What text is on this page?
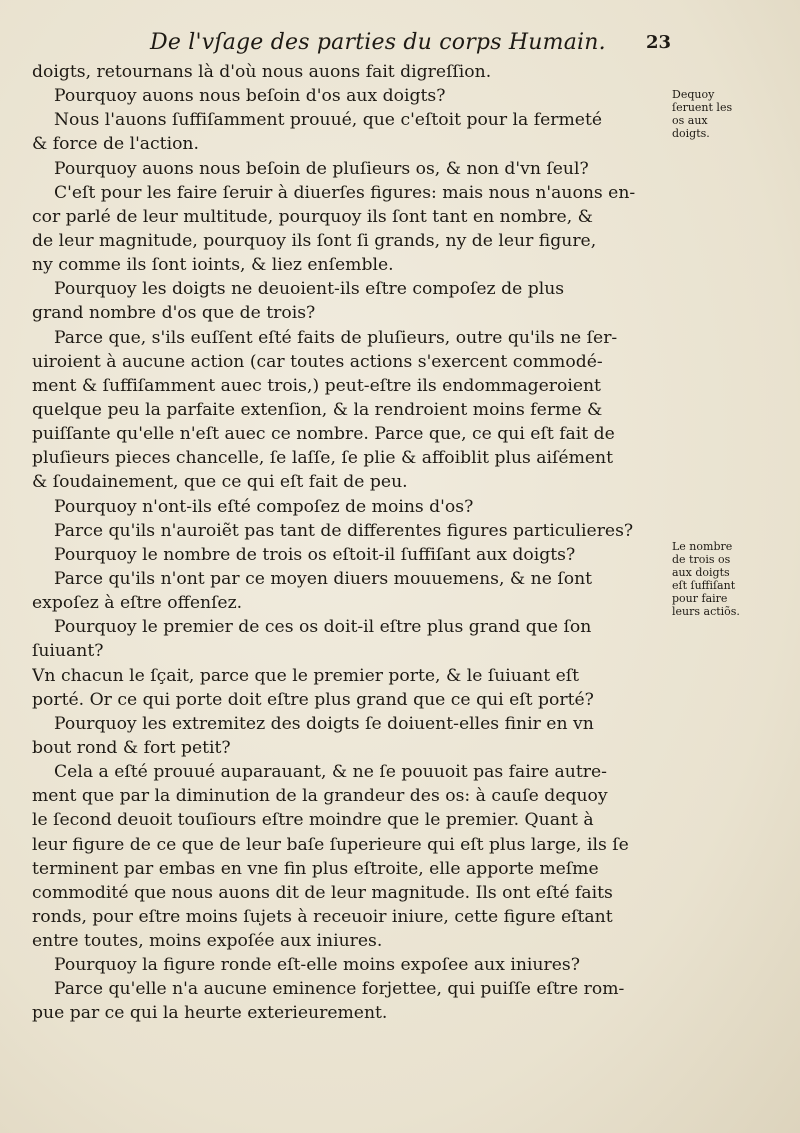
De l'vſage des parties du corps Humain.	23
doigts, retournans là d'où nous auons fait digreſſion.
Pourquoy auons nous beſoin d'os aux doigts?
Nous l'auons ſuffiſamment prouué, que c'eſtoit pour la fermeté
& force de l'action.
Pourquoy auons nous beſoin de pluſieurs os, & non d'vn ſeul?
C'eſt pour les faire ſeruir à diuerſes figures: mais nous n'auons en-
cor parlé de leur multitude, pourquoy ils ſont tant en nombre, &
de leur magnitude, pourquoy ils ſont ſi grands, ny de leur figure,
ny comme ils ſont ioints, & liez enſemble.
Pourquoy les doigts ne deuoient-ils eſtre compoſez de plus
grand nombre d'os que de trois?
Parce que, s'ils euſſent eſté faits de pluſieurs, outre qu'ils ne ſer-
uiroient à aucune action (car toutes actions s'exercent commodé-
ment & ſuffiſamment auec trois,) peut-eſtre ils endommageroient
quelque peu la parfaite extenſion, & la rendroient moins ferme &
puiſſante qu'elle n'eſt auec ce nombre. Parce que, ce qui eſt fait de
pluſieurs pieces chancelle, ſe laſſe, ſe plie & affoiblit plus aiſément
& ſoudainement, que ce qui eſt fait de peu.
Pourquoy n'ont-ils eſté compoſez de moins d'os?
Parce qu'ils n'auroiẽt pas tant de differentes figures particulieres?
Pourquoy le nombre de trois os eſtoit-il ſuffiſant aux doigts?
Parce qu'ils n'ont par ce moyen diuers mouuemens, & ne ſont
expoſez à eſtre offenſez.
Pourquoy le premier de ces os doit-il eſtre plus grand que ſon
ſuiuant?
Vn chacun le ſçait, parce que le premier porte, & le ſuiuant eſt
porté. Or ce qui porte doit eſtre plus grand que ce qui eſt porté?
Pourquoy les extremitez des doigts ſe doiuent-elles finir en vn
bout rond & fort petit?
Cela a eſté prouué auparauant, & ne ſe pouuoit pas faire autre-
ment que par la diminution de la grandeur des os: à cauſe dequoy
le ſecond deuoit touſiours eſtre moindre que le premier. Quant à
leur figure de ce que de leur baſe ſuperieure qui eſt plus large, ils ſe
terminent par embas en vne fin plus eſtroite, elle apporte meſme
commodité que nous auons dit de leur magnitude. Ils ont eſté faits
ronds, pour eſtre moins ſujets à receuoir iniure, cette figure eſtant
entre toutes, moins expoſée aux iniures.
Pourquoy la figure ronde eſt-elle moins expoſee aux iniures?
Parce qu'elle n'a aucune eminence forjettee, qui puiſſe eſtre rom-
pue par ce qui la heurte exterieurement.
Dequoy
ſeruent les
os aux
doigts.
Le nombre
de trois os
aux doigts
eſt ſuffiſant
pour faire
leurs actiõs.
